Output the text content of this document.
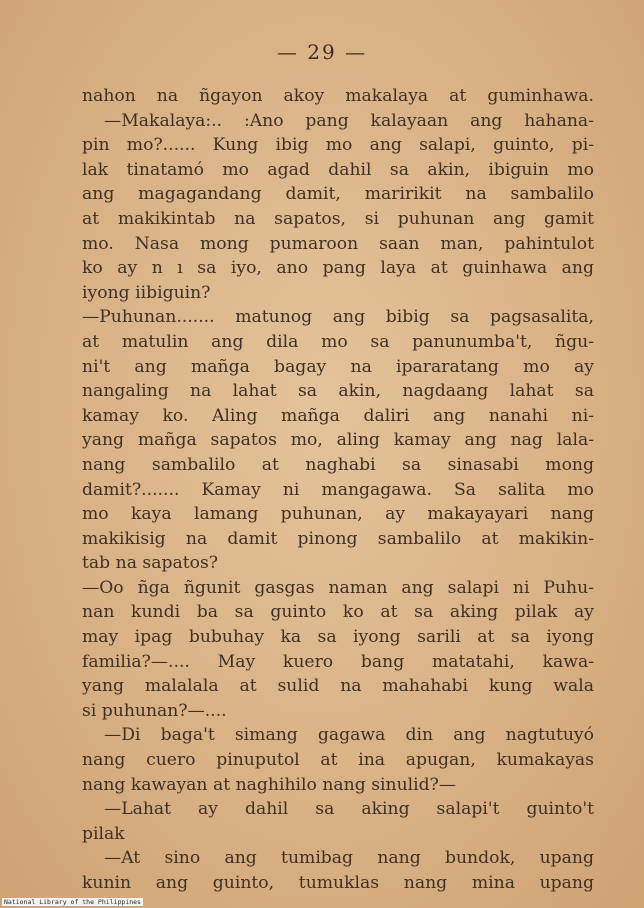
— 29 —
nahon na ñgayon akoy makalaya at guminhawa.
—Makalaya:.. :Ano pang kalayaan ang hahana-
pin mo?...... Kung ibig mo ang salapi, guinto, pi-
lak tinatamó mo agad dahil sa akin, ibiguin mo
ang magagandang damit, maririkit na sambalilo
at makikintab na sapatos, si puhunan ang gamit
mo. Nasa mong pumaroon saan man, pahintulot
ko ay n ı sa iyo, ano pang laya at guinhawa ang
iyong iibiguin?
—Puhunan....... matunog ang bibig sa pagsasalita,
at matulin ang dila mo sa panunumba't, ñgu-
ni't ang mañga bagay na ipararatang mo ay
nangaling na lahat sa akin, nagdaang lahat sa
kamay ko. Aling mañga daliri ang nanahi ni-
yang mañga sapatos mo, aling kamay ang nag lala-
nang sambalilo at naghabi sa sinasabi mong
damit?....... Kamay ni mangagawa. Sa salita mo
mo kaya lamang puhunan, ay makayayari nang
makikisig na damit pinong sambalilo at makikin-
tab na sapatos?
—Oo ñga ñgunit gasgas naman ang salapi ni Puhu-
nan kundi ba sa guinto ko at sa aking pilak ay
may ipag bubuhay ka sa iyong sarili at sa iyong
familia?—.... May kuero bang matatahi, kawa-
yang malalala at sulid na mahahabi kung wala
si puhunan?—....
—Di baga't simang gagawa din ang nagtutuyó
nang cuero pinuputol at ina apugan, kumakayas
nang kawayan at naghihilo nang sinulid?—
—Lahat ay dahil sa aking salapi't guinto't
pilak
—At sino ang tumibag nang bundok, upang
kunin ang guinto, tumuklas nang mina upang
National Library of the Philippines
